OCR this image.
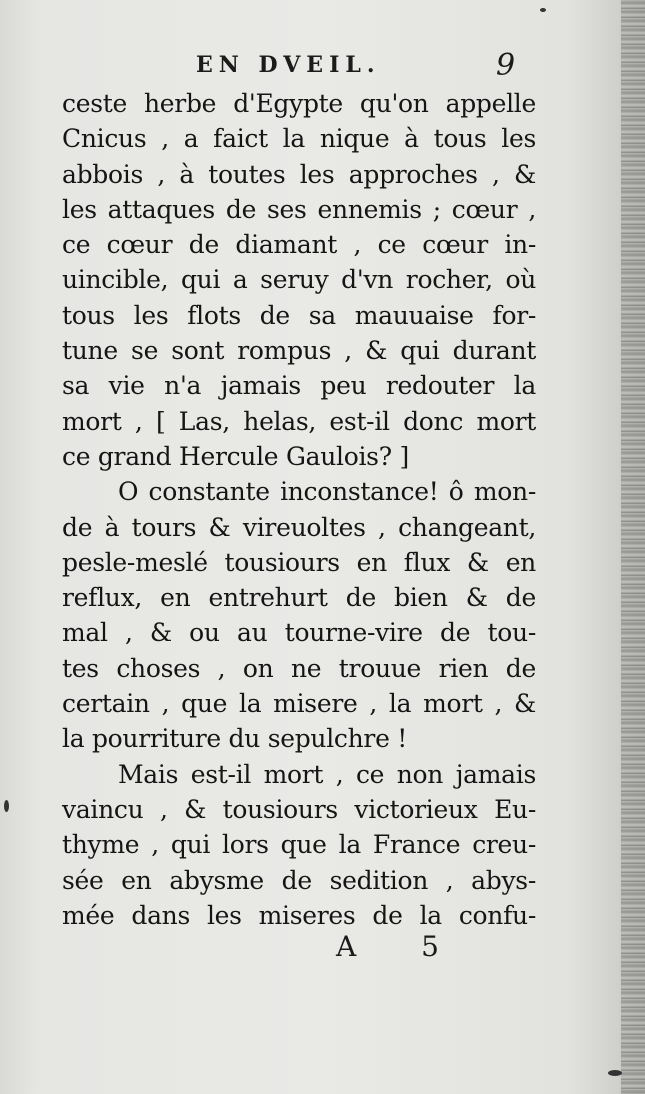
EN DVEIL.	9
ceste herbe d'Egypte qu'on appelle
Cnicus , a faict la nique à tous les
abbois , à toutes les approches , &
les attaques de ses ennemis ; cœur ,
ce cœur de diamant , ce cœur in-
uincible, qui a seruy d'vn rocher, où
tous les flots de sa mauuaise for-
tune se sont rompus , & qui durant
sa vie n'a jamais peu redouter la
mort , [ Las, helas, est-il donc mort
ce grand Hercule Gaulois? ]
O constante inconstance! ô mon-
de à tours & vireuoltes , changeant,
pesle-meslé tousiours en flux & en
reflux, en entrehurt de bien & de
mal , & ou au tourne-vire de tou-
tes choses , on ne trouue rien de
certain , que la misere , la mort , &
la pourriture du sepulchre !
Mais est-il mort , ce non jamais
vaincu , & tousiours victorieux Eu-
thyme , qui lors que la France creu-
sée en abysme de sedition , abys-
mée dans les miseres de la confu-
A 5
